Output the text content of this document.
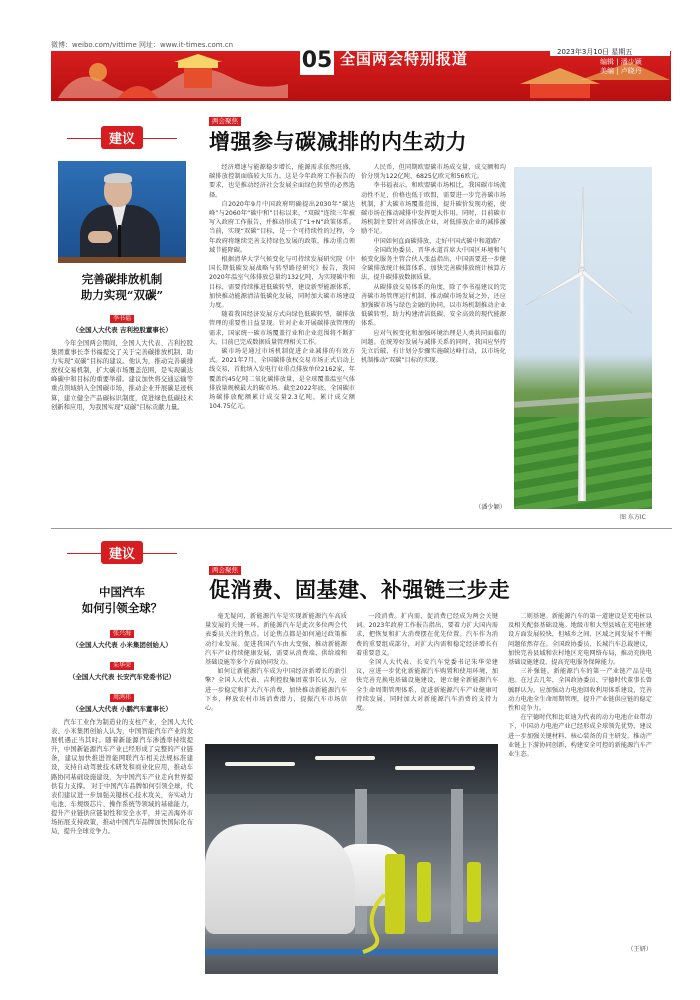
微博：weibo.com/vittime 网址：www.it-times.com.cn
05 全国两会特别报道	2023年3月10日 星期五
编辑 | 潘少颖
美编 | 卢晓丹
建议
完善碳排放机制
助力实现“双碳”
李书福
（全国人大代表 吉利控股董事长）
今年全国两会期间，全国人大代表、吉利控股集团董事长李书福提交了关于完善碳排放机制、助力实现“双碳”目标的建议。他认为，推动完善碳排放权交易机制，扩大碳市场覆盖范围，是实现碳达峰碳中和目标的重要举措。建议加快将交通运输等重点领域纳入全国碳市场，推动企业开展碳足迹核算，建立健全产品碳标识制度，促进绿色低碳技术创新和应用，为我国实现“双碳”目标贡献力量。
两会聚焦
增强参与碳减排的内生动力

经济增速与能源稳步增长，能源需求依然旺盛，碳排放控制面临较大压力。这是今年政府工作报告的要求，也是推动经济社会发展全面绿色转型的必然选择。

自2020年9月中国政府明确提出2030年“碳达峰”与2060年“碳中和”目标以来，“双碳”连续三年被写入政府工作报告，并推动形成了“1+N”政策体系。当前，实现“双碳”目标，是一个可持续性的过程，今年政府将继续完善支持绿色发展的政策，推动重点领域节能降碳。

根据清华大学气候变化与可持续发展研究院《中国长期低碳发展战略与转型路径研究》报告，我国2020年温室气体排放总量约132亿吨，为实现碳中和目标，需要持续推进低碳转型，建设新型能源体系，加快推动能源清洁低碳化发展，同时加大碳市场建设力度。

随着我国经济发展方式向绿色低碳转型，碳排放管理的重要性日益显现。针对企业开展碳排放管理的需求，国家统一碳市场覆盖行业和企业范围将不断扩大，目前已完成数据质量管理相关工作。

碳市场是通过市场机制促进企业减排的有效方式。2021年7月，全国碳排放权交易市场正式启动上线交易，首批纳入发电行业重点排放单位2162家，年覆盖约45亿吨二氧化碳排放量，是全球覆盖温室气体排放量规模最大的碳市场。截至2022年底，全国碳市场碳排放配额累计成交量2.3亿吨，累计成交额104.75亿元。

人民币，但同期欧盟碳市场成交量、成交额和均价分别为122亿吨、6825亿欧元和56欧元。

李书福表示，和欧盟碳市场相比，我国碳市场流动性不足，价格也低于欧盟，需要进一步完善碳市场机制，扩大碳市场覆盖范围，提升碳价发现功能，使碳市场在推动减排中发挥更大作用。同时，目前碳市场机制主要针对高排放企业，对低排放企业的减排激励不足。

中国如何直面碳排放，走好中国式碳中和道路？

全国政协委员、晋华永道首席大中国区环境和气候变化服务主管合伙人张益指出，中国需要进一步健全碳排放统计核算体系，加快完善碳排放统计核算方法，提升碳排放数据质量。

从碳排放交易体系的角度，除了李书福建议的完善碳市场管理运行机制、推动碳市场发展之外，还应加强碳市场与绿色金融的协同，以市场机制推动企业低碳转型，助力构建清洁低碳、安全高效的现代能源体系。

应对气候变化和加强环境治理是人类共同面临的问题。在统筹好发展与减排关系的同时，我国应坚持先立后破，有计划分步骤实施碳达峰行动，以市场化机制推动“双碳”目标的实现。

（潘少颖）

图 东方IC
建议
中国汽车
如何引领全球？
张兴海
（全国人大代表 小米集团创始人）
朱华荣
（全国人大代表 长安汽车党委书记）
周鸿祎
（全国人大代表 小鹏汽车董事长）
汽车工业作为制造业的支柱产业，全国人大代表、小米集团创始人认为，中国智能汽车产业的发展机遇正当其时。随着新能源汽车渗透率持续提升，中国新能源汽车产业已经形成了完整的产业链条，建议加快推进智能网联汽车相关法规标准建设，支持自动驾驶技术研发和商业化应用，推动车路协同基础设施建设，为中国汽车产业走向世界提供有力支撑。 对于中国汽车品牌如何引领全球，代表们建议进一步加强关键核心技术攻关，夯实动力电池、车规级芯片、操作系统等领域的基础能力，提升产业链供应链韧性和安全水平，并完善海外市场拓展支持政策，推动中国汽车品牌加快国际化布局，提升全球竞争力。
两会聚焦
促消费、固基建、补强链三步走

毫无疑问，新能源汽车是实现新能源汽车高质量发展的关键一环。新能源汽车是此次多位两会代表委员关注的焦点。讨论焦点都是如何通过政策推动行业发展。促进我国汽车由大变强，推动新能源汽车产业持续健康发展，需要从消费端、供给端和基础设施等多个方面协同发力。

如何让新能源汽车成为中国经济新增长的新引擎？全国人大代表、吉利控股集团董事长认为，应进一步稳定和扩大汽车消费，加快推动新能源汽车下乡，释放农村市场消费潜力，提振汽车市场信心。

一段消费。扩内需、促消费已经成为两会关键词。2023年政府工作报告指出，要着力扩大国内需求，把恢复和扩大消费摆在优先位置。汽车作为消费的重要组成部分，对扩大内需和稳定经济增长有着重要意义。

全国人大代表、长安汽车党委书记朱华荣建议，应进一步优化新能源汽车购置和使用环境，加快完善充换电基础设施建设，建立健全新能源汽车全生命周期管理体系，促进新能源汽车产业健康可持续发展，同时加大对新能源汽车消费的支持力度。

二则基建。新能源汽车的第一道建设是充电桩以及相关配套基础设施。地级市和大型县城在充电桩建设方面发展较快，但城乡之间、区域之间发展不平衡问题依然存在。全国政协委员、长城汽车总裁建议，加快完善县域和农村地区充电网络布局，推动充换电基础设施建设，提高充电服务保障能力。

三补强链。新能源汽车的第一产业链产品是电池。在过去几年，全国政协委员、宁德时代董事长曾毓群认为，应加强动力电池回收利用体系建设，完善动力电池全生命周期管理，提升产业链供应链的稳定性和竞争力。

在宁德时代和比亚迪为代表的动力电池企业带动下，中国动力电池产业已经形成全球领先优势，建议进一步加强关键材料、核心装备的自主研发，推动产业链上下游协同创新，构建安全可控的新能源汽车产业生态。

（王妍）
